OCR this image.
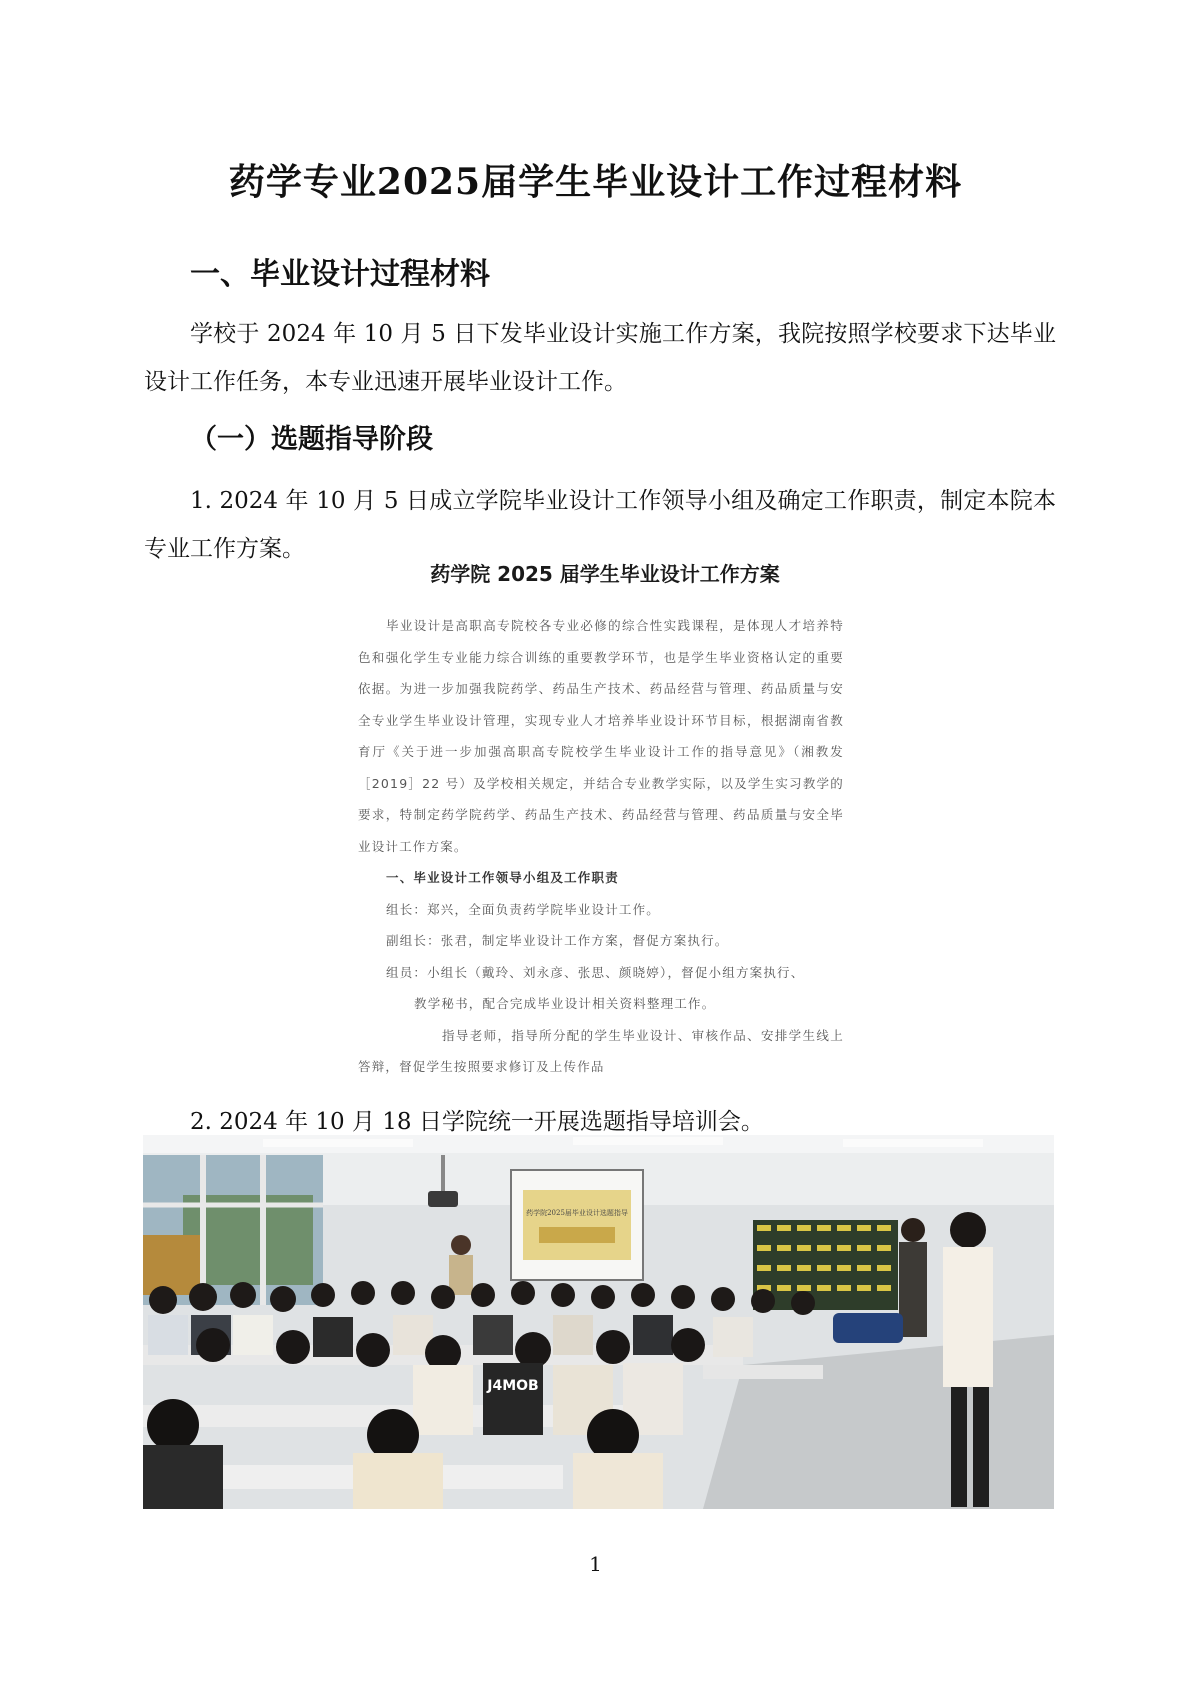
药学专业2025届学生毕业设计工作过程材料
一、毕业设计过程材料

学校于 2024 年 10 月 5 日下发毕业设计实施工作方案，我院按照学校要求下达毕业设计工作任务，本专业迅速开展毕业设计工作。

（一）选题指导阶段

1. 2024 年 10 月 5 日成立学院毕业设计工作领导小组及确定工作职责，制定本院本专业工作方案。

药学院 2025 届学生毕业设计工作方案
毕业设计是高职高专院校各专业必修的综合性实践课程，是体现人才培养特色和强化学生专业能力综合训练的重要教学环节，也是学生毕业资格认定的重要依据。为进一步加强我院药学、药品生产技术、药品经营与管理、药品质量与安全专业学生毕业设计管理，实现专业人才培养毕业设计环节目标，根据湖南省教育厅《关于进一步加强高职高专院校学生毕业设计工作的指导意见》（湘教发［2019］22 号）及学校相关规定，并结合专业教学实际，以及学生实习教学的要求，特制定药学院药学、药品生产技术、药品经营与管理、药品质量与安全毕业设计工作方案。
一、毕业设计工作领导小组及工作职责
组长：郑兴，全面负责药学院毕业设计工作。
副组长：张君，制定毕业设计工作方案，督促方案执行。
组员：小组长（戴玲、刘永彦、张思、颜晓婷），督促小组方案执行、
教学秘书，配合完成毕业设计相关资料整理工作。
指导老师，指导所分配的学生毕业设计、审核作品、安排学生线上答辩，督促学生按照要求修订及上传作品

2. 2024 年 10 月 18 日学院统一开展选题指导培训会。

药学院2025届毕业设计选题指导
J4MOB
1
